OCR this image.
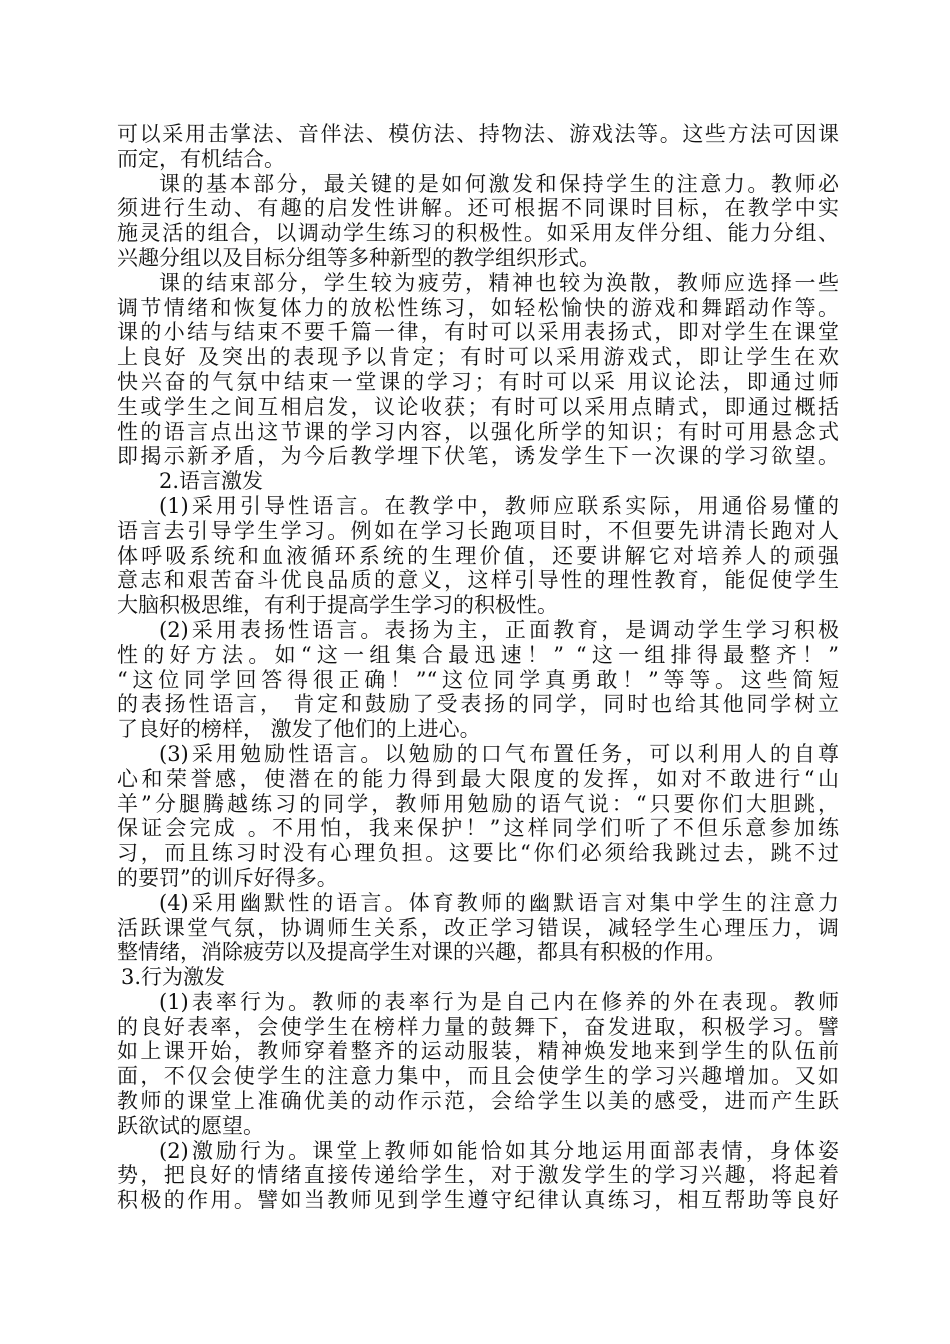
可以采用击掌法、音伴法、模仿法、持物法、游戏法等。这些方法可因课
而定，有机结合。
课的基本部分，最关键的是如何激发和保持学生的注意力。教师必
须进行生动、有趣的启发性讲解。还可根据不同课时目标，在教学中实
施灵活的组合，以调动学生练习的积极性。如采用友伴分组、能力分组、
兴趣分组以及目标分组等多种新型的教学组织形式。
课的结束部分，学生较为疲劳，精神也较为涣散，教师应选择一些
调节情绪和恢复体力的放松性练习，如轻松愉快的游戏和舞蹈动作等。
课的小结与结束不要千篇一律，有时可以采用表扬式，即对学生在课堂
上良好 及突出的表现予以肯定；有时可以采用游戏式，即让学生在欢
快兴奋的气氛中结束一堂课的学习；有时可以采 用议论法，即通过师
生或学生之间互相启发，议论收获；有时可以采用点睛式，即通过概括
性的语言点出这节课的学习内容，以强化所学的知识；有时可用悬念式
即揭示新矛盾，为今后教学埋下伏笔，诱发学生下一次课的学习欲望。
2.语言激发
(1)采用引导性语言。在教学中，教师应联系实际，用通俗易懂的
语言去引导学生学习。例如在学习长跑项目时，不但要先讲清长跑对人
体呼吸系统和血液循环系统的生理价值，还要讲解它对培养人的顽强
意志和艰苦奋斗优良品质的意义，这样引导性的理性教育，能促使学生
大脑积极思维，有利于提高学生学习的积极性。
(2)采用表扬性语言。表扬为主，正面教育，是调动学生学习积极
性的好方法。如“这一组集合最迅速！” “这一组排得最整齐！”
“这位同学回答得很正确！”“这位同学真勇敢！”等等。这些简短
的表扬性语言， 肯定和鼓励了受表扬的同学，同时也给其他同学树立
了良好的榜样， 激发了他们的上进心。
(3)采用勉励性语言。以勉励的口气布置任务，可以利用人的自尊
心和荣誉感，使潜在的能力得到最大限度的发挥，如对不敢进行“山
羊”分腿腾越练习的同学，教师用勉励的语气说：“只要你们大胆跳，
保证会完成 。不用怕，我来保护！”这样同学们听了不但乐意参加练
习，而且练习时没有心理负担。这要比“你们必须给我跳过去，跳不过
的要罚”的训斥好得多。
(4)采用幽默性的语言。体育教师的幽默语言对集中学生的注意力
活跃课堂气氛，协调师生关系，改正学习错误，减轻学生心理压力，调
整情绪，消除疲劳以及提高学生对课的兴趣，都具有积极的作用。
3.行为激发
(1)表率行为。教师的表率行为是自己内在修养的外在表现。教师
的良好表率，会使学生在榜样力量的鼓舞下，奋发进取，积极学习。譬
如上课开始，教师穿着整齐的运动服装，精神焕发地来到学生的队伍前
面，不仅会使学生的注意力集中，而且会使学生的学习兴趣增加。又如
教师的课堂上准确优美的动作示范，会给学生以美的感受，进而产生跃
跃欲试的愿望。
(2)激励行为。课堂上教师如能恰如其分地运用面部表情，身体姿
势，把良好的情绪直接传递给学生，对于激发学生的学习兴趣，将起着
积极的作用。譬如当教师见到学生遵守纪律认真练习，相互帮助等良好
